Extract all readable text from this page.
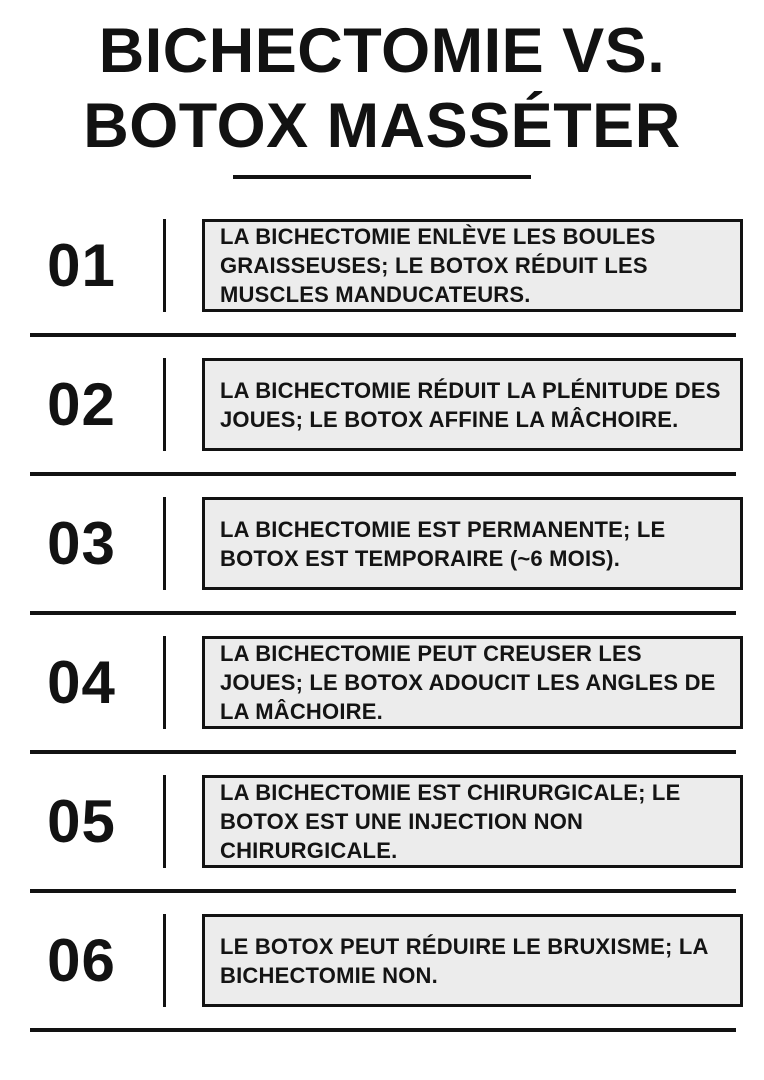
BICHECTOMIE VS.
BOTOX MASSÉTER
01	LA BICHECTOMIE ENLÈVE LES BOULES GRAISSEUSES; LE BOTOX RÉDUIT LES MUSCLES MANDUCATEURS.

02	LA BICHECTOMIE RÉDUIT LA PLÉNITUDE DES JOUES; LE BOTOX AFFINE LA MÂCHOIRE.

03	LA BICHECTOMIE EST PERMANENTE; LE BOTOX EST TEMPORAIRE (~6 MOIS).

04	LA BICHECTOMIE PEUT CREUSER LES JOUES; LE BOTOX ADOUCIT LES ANGLES DE LA MÂCHOIRE.

05	LA BICHECTOMIE EST CHIRURGICALE; LE BOTOX EST UNE INJECTION NON CHIRURGICALE.

06	LE BOTOX PEUT RÉDUIRE LE BRUXISME; LA BICHECTOMIE NON.
